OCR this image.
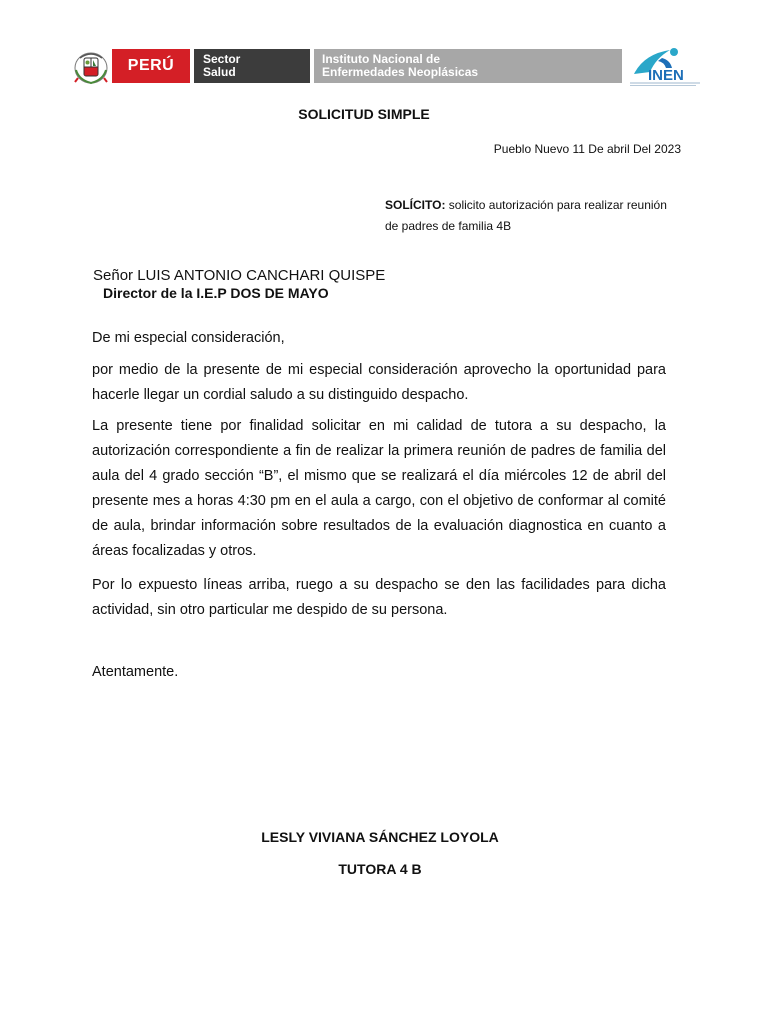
PERÚ Sector
Salud
Instituto Nacional de
Enfermedades Neoplásicas	INEN
SOLICITUD SIMPLE
Pueblo Nuevo 11 De abril Del 2023
SOLÍCITO: solicito autorización para realizar reunión de padres de familia 4B
Señor LUIS ANTONIO CANCHARI QUISPE
Director de la I.E.P DOS DE MAYO

De mi especial consideración,

por medio de la presente de mi especial consideración aprovecho la oportunidad para hacerle llegar un cordial saludo a su distinguido despacho.

La presente tiene por finalidad solicitar en mi calidad de tutora a su despacho, la autorización correspondiente a fin de realizar la primera reunión de padres de familia del aula del 4 grado sección “B”, el mismo que se realizará el día miércoles 12 de abril del presente mes a horas 4:30 pm en el aula a cargo, con el objetivo de conformar al comité de aula, brindar información sobre resultados de la evaluación diagnostica en cuanto a áreas focalizadas y otros.

Por lo expuesto líneas arriba, ruego a su despacho se den las facilidades para dicha actividad, sin otro particular me despido de su persona.

Atentamente.
LESLY VIVIANA SÁNCHEZ LOYOLA
TUTORA 4 B
